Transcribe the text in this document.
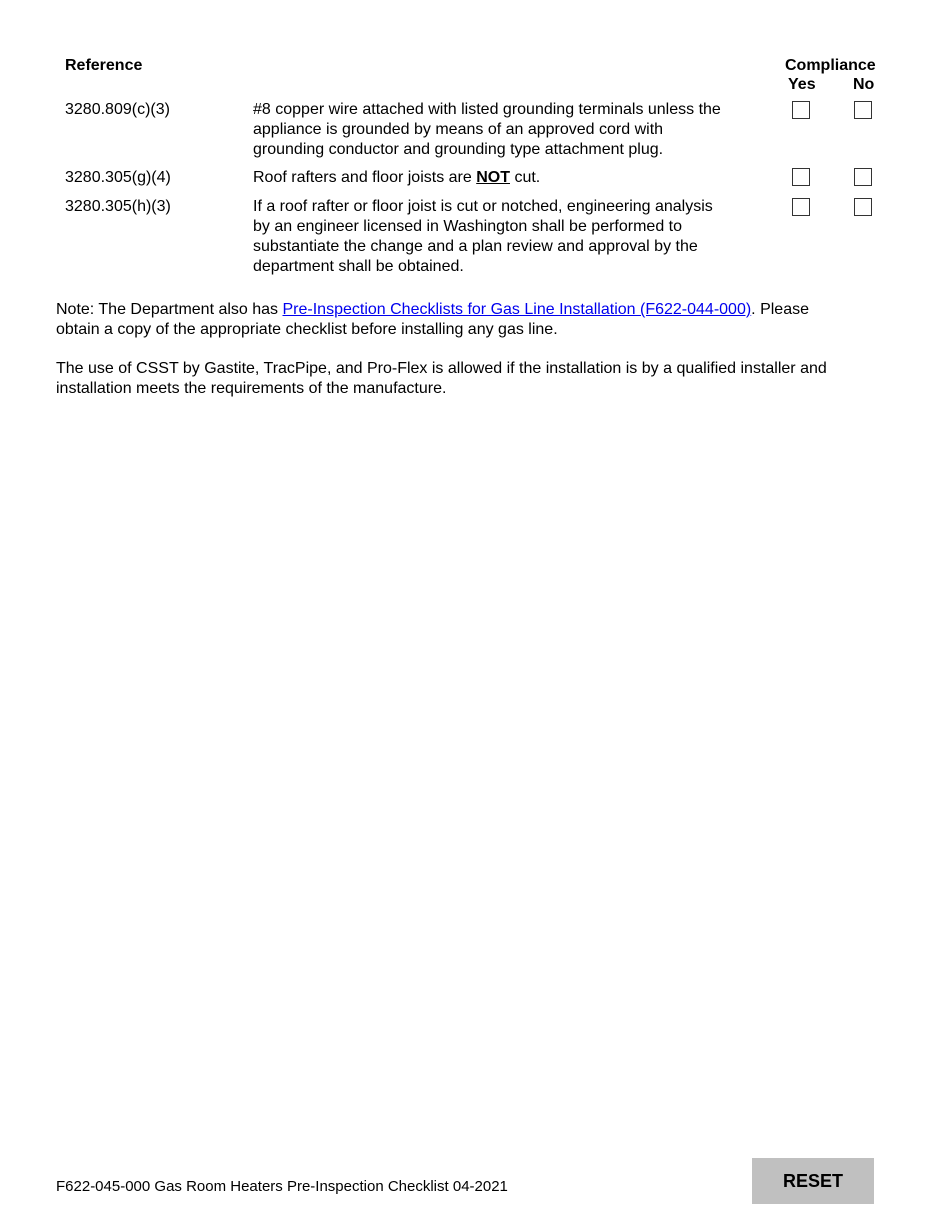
Reference	Compliance
Yes No
3280.809(c)(3)	#8 copper wire attached with listed grounding terminals unless the
appliance is grounded by means of an approved cord with
grounding conductor and grounding type attachment plug.
3280.305(g)(4)	Roof rafters and floor joists are NOT cut.
3280.305(h)(3)	If a roof rafter or floor joist is cut or notched, engineering analysis
by an engineer licensed in Washington shall be performed to
substantiate the change and a plan review and approval by the
department shall be obtained.
Note: The Department also has Pre-Inspection Checklists for Gas Line Installation (F622-044-000). Please
obtain a copy of the appropriate checklist before installing any gas line.
The use of CSST by Gastite, TracPipe, and Pro-Flex is allowed if the installation is by a qualified installer and
installation meets the requirements of the manufacture.
F622-045-000 Gas Room Heaters Pre-Inspection Checklist 04-2021	RESET
